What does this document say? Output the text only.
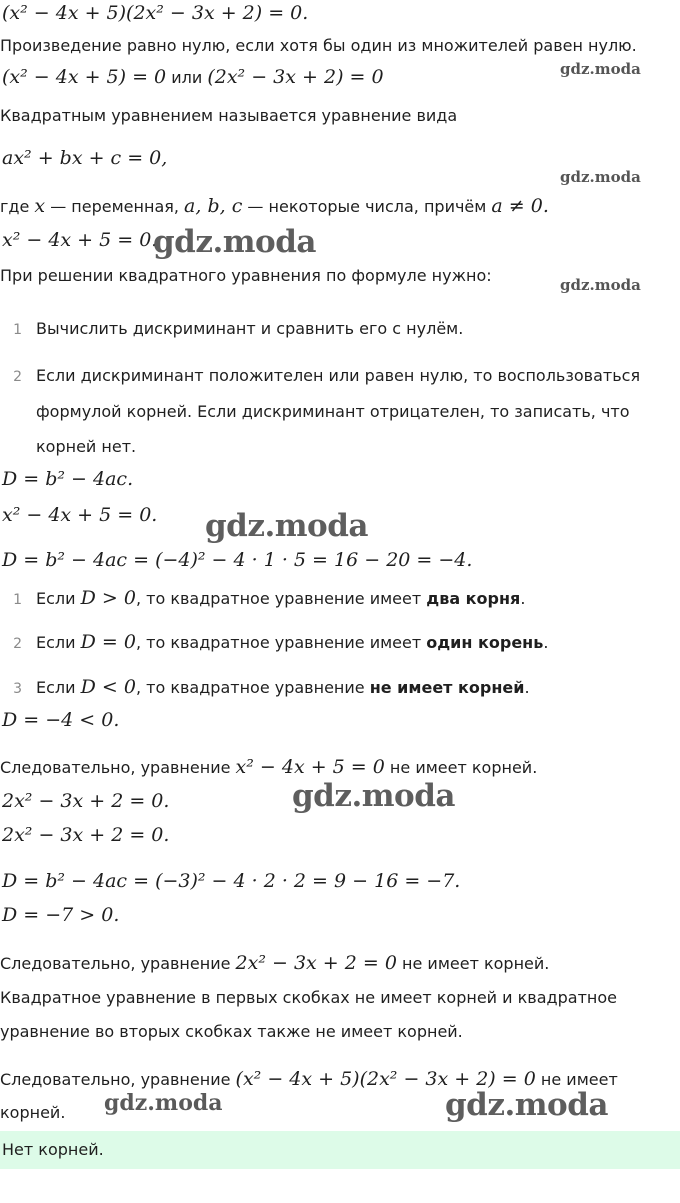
(x² − 4x + 5)(2x² − 3x + 2) = 0.
Произведение равно нулю, если хотя бы один из множителей равен нулю.
(x² − 4x + 5) = 0 или (2x² − 3x + 2) = 0
Квадратным уравнением называется уравнение вида
ax² + bx + c = 0,
где x — переменная, a, b, c — некоторые числа, причём a ≠ 0.
x² − 4x + 5 = 0.
При решении квадратного уравнения по формуле нужно:
1 Вычислить дискриминант и сравнить его с нулём.
2 Если дискриминант положителен или равен нулю, то воспользоваться
формулой корней. Если дискриминант отрицателен, то записать, что
корней нет.
D = b² − 4ac.
x² − 4x + 5 = 0.
D = b² − 4ac = (−4)² − 4 · 1 · 5 = 16 − 20 = −4.
1 Если D > 0, то квадратное уравнение имеет два корня.
2 Если D = 0, то квадратное уравнение имеет один корень.
3 Если D < 0, то квадратное уравнение не имеет корней.
D = −4 < 0.
Следовательно, уравнение x² − 4x + 5 = 0 не имеет корней.
2x² − 3x + 2 = 0.
2x² − 3x + 2 = 0.
D = b² − 4ac = (−3)² − 4 · 2 · 2 = 9 − 16 = −7.
D = −7 > 0.
Следовательно, уравнение 2x² − 3x + 2 = 0 не имеет корней.
Квадратное уравнение в первых скобках не имеет корней и квадратное
уравнение во вторых скобках также не имеет корней.
Следовательно, уравнение (x² − 4x + 5)(2x² − 3x + 2) = 0 не имеет
корней.
Нет корней.
gdz.moda
gdz.moda
gdz.moda
gdz.moda
gdz.moda
gdz.moda
gdz.moda	gdz.moda
